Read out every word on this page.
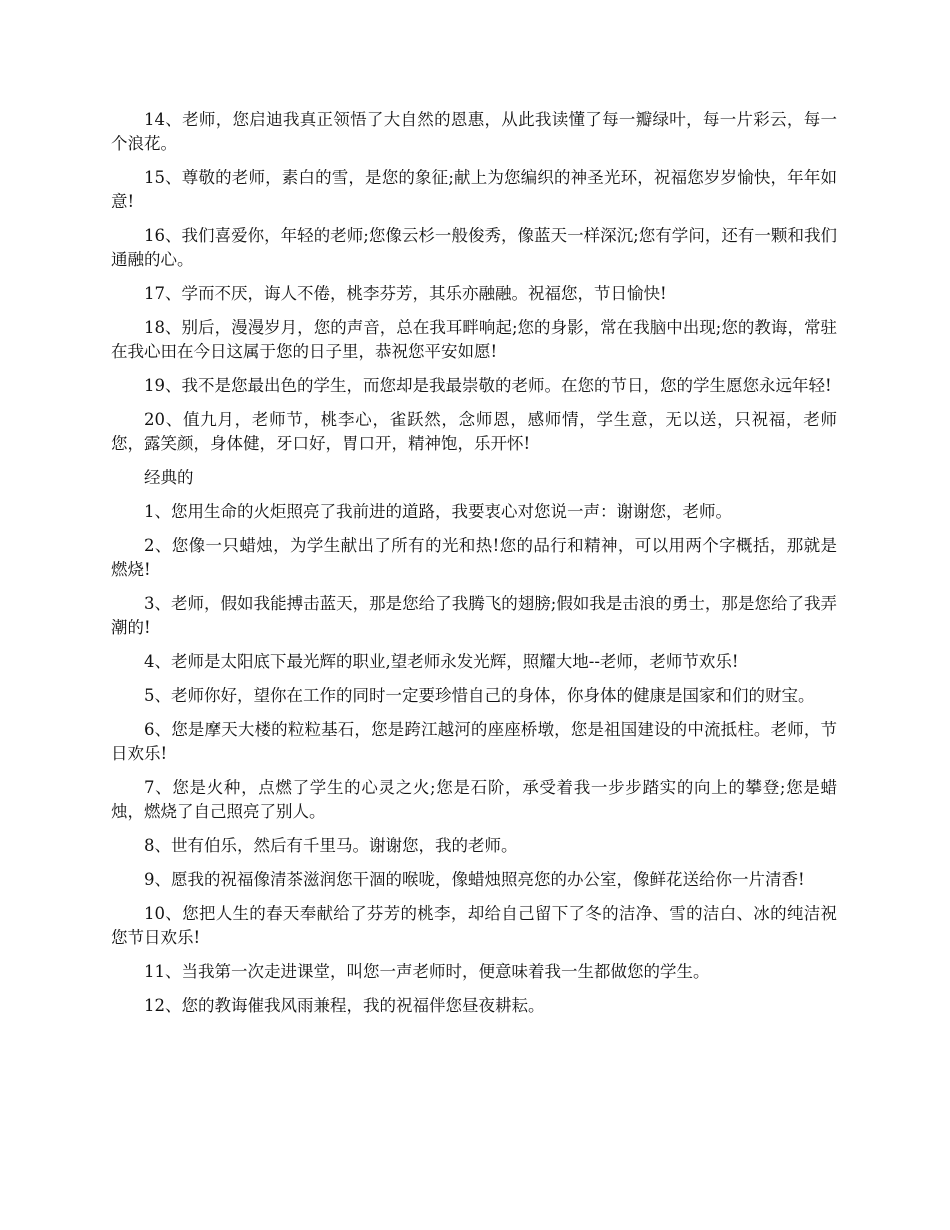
14、老师，您启迪我真正领悟了大自然的恩惠，从此我读懂了每一瓣绿叶，每一片彩云，每一个浪花。

15、尊敬的老师，素白的雪，是您的象征;献上为您编织的神圣光环，祝福您岁岁愉快，年年如意!

16、我们喜爱你，年轻的老师;您像云杉一般俊秀，像蓝天一样深沉;您有学问，还有一颗和我们通融的心。

17、学而不厌，诲人不倦，桃李芬芳，其乐亦融融。祝福您，节日愉快!

18、别后，漫漫岁月，您的声音，总在我耳畔响起;您的身影，常在我脑中出现;您的教诲，常驻在我心田在今日这属于您的日子里，恭祝您平安如愿!

19、我不是您最出色的学生，而您却是我最崇敬的老师。在您的节日，您的学生愿您永远年轻!

20、值九月，老师节，桃李心，雀跃然，念师恩，感师情，学生意，无以送，只祝福，老师您，露笑颜，身体健，牙口好，胃口开，精神饱，乐开怀!

经典的

1、您用生命的火炬照亮了我前进的道路，我要衷心对您说一声：谢谢您，老师。

2、您像一只蜡烛，为学生献出了所有的光和热!您的品行和精神，可以用两个字概括，那就是燃烧!

3、老师，假如我能搏击蓝天，那是您给了我腾飞的翅膀;假如我是击浪的勇士，那是您给了我弄潮的!

4、老师是太阳底下最光辉的职业,望老师永发光辉，照耀大地--老师，老师节欢乐!

5、老师你好，望你在工作的同时一定要珍惜自己的身体，你身体的健康是国家和们的财宝。

6、您是摩天大楼的粒粒基石，您是跨江越河的座座桥墩，您是祖国建设的中流抵柱。老师，节日欢乐!

7、您是火种，点燃了学生的心灵之火;您是石阶，承受着我一步步踏实的向上的攀登;您是蜡烛，燃烧了自己照亮了别人。

8、世有伯乐，然后有千里马。谢谢您，我的老师。

9、愿我的祝福像清茶滋润您干涸的喉咙，像蜡烛照亮您的办公室，像鲜花送给你一片清香!

10、您把人生的春天奉献给了芬芳的桃李，却给自己留下了冬的洁净、雪的洁白、冰的纯洁祝您节日欢乐!

11、当我第一次走进课堂，叫您一声老师时，便意味着我一生都做您的学生。

12、您的教诲催我风雨兼程，我的祝福伴您昼夜耕耘。
